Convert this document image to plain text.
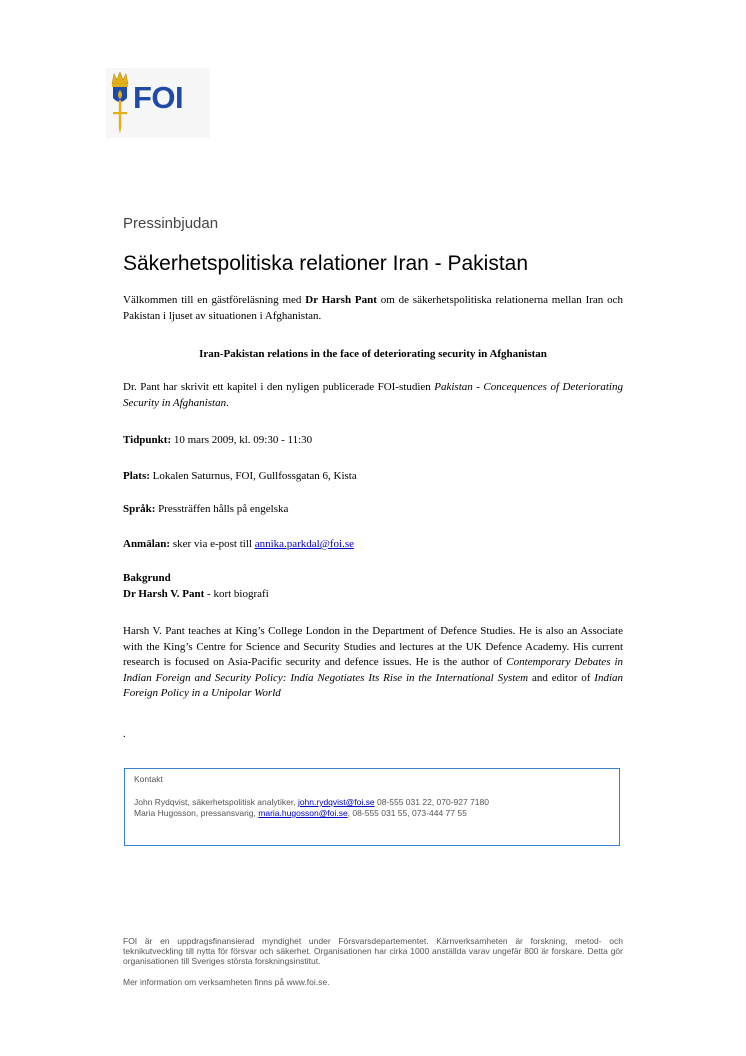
FOI
Pressinbjudan
Säkerhetspolitiska relationer Iran - Pakistan
Välkommen till en gästföreläsning med Dr Harsh Pant om de säkerhetspolitiska relationerna mellan Iran och Pakistan i ljuset av situationen i Afghanistan.
Iran-Pakistan relations in the face of deteriorating security in Afghanistan
Dr. Pant har skrivit ett kapitel i den nyligen publicerade FOI-studien Pakistan - Concequences of Deteriorating Security in Afghanistan.
Tidpunkt: 10 mars 2009, kl. 09:30 - 11:30
Plats: Lokalen Saturnus, FOI, Gullfossgatan 6, Kista
Språk: Pressträffen hålls på engelska
Anmälan: sker via e-post till annika.parkdal@foi.se
Bakgrund
Dr Harsh V. Pant - kort biografi
Harsh V. Pant teaches at King’s College London in the Department of Defence Studies. He is also an Associate with the King’s Centre for Science and Security Studies and lectures at the UK Defence Academy. His current research is focused on Asia-Pacific security and defence issues. He is the author of Contemporary Debates in Indian Foreign and Security Policy: India Negotiates Its Rise in the International System and editor of Indian Foreign Policy in a Unipolar World
.
Kontakt
John Rydqvist, säkerhetspolitisk analytiker, john.rydqvist@foi.se 08-555 031 22, 070-927 7180
Maria Hugosson, pressansvarig, maria.hugosson@foi.se, 08-555 031 55, 073-444 77 55
FOI är en uppdragsfinansierad myndighet under Försvarsdepartementet. Kärnverksamheten är forskning, metod- och teknikutveckling till nytta för försvar och säkerhet. Organisationen har cirka 1000 anställda varav ungefär 800 är forskare. Detta gör organisationen till Sveriges största forskningsinstitut.
Mer information om verksamheten finns på www.foi.se.
